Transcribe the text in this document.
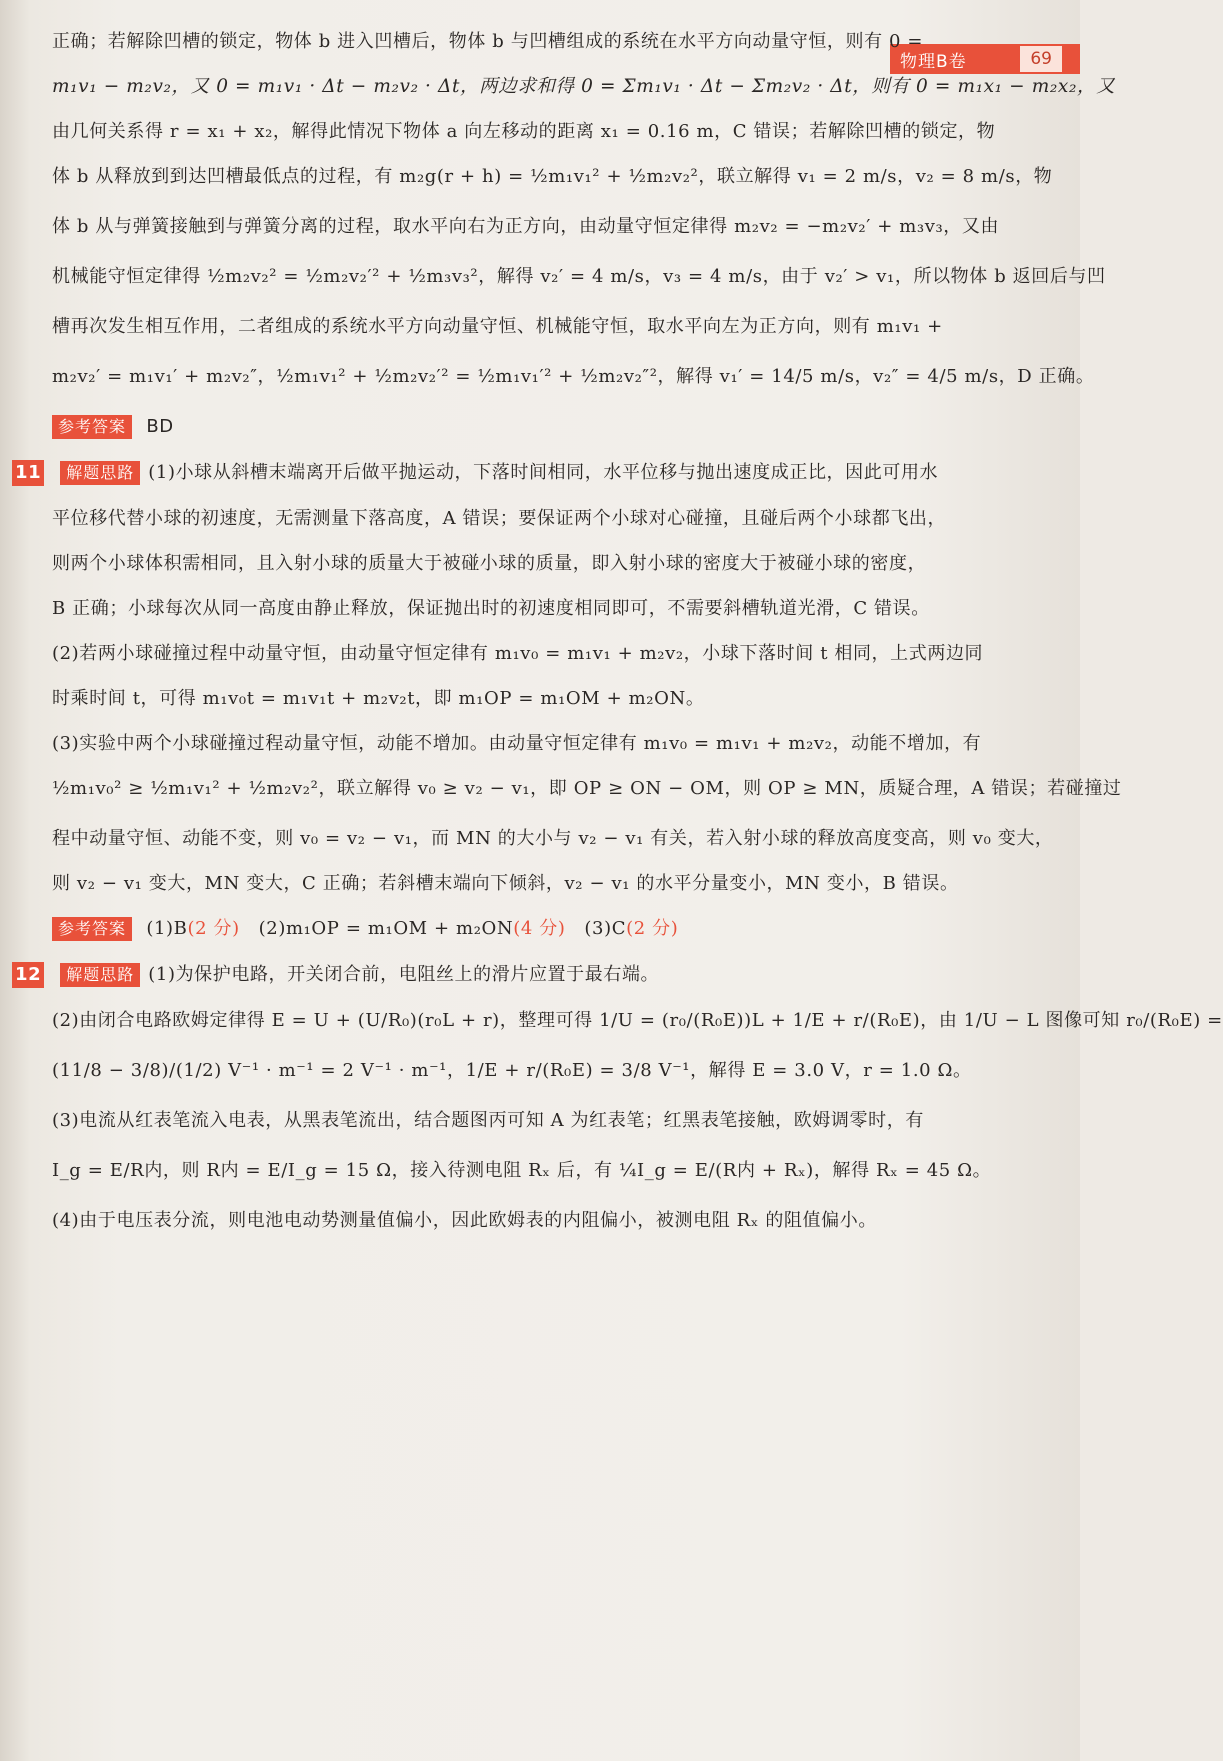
物理B卷	69
正确；若解除凹槽的锁定，物体 b 进入凹槽后，物体 b 与凹槽组成的系统在水平方向动量守恒，则有 0 =
m₁v₁ − m₂v₂，又 0 = m₁v₁ · Δt − m₂v₂ · Δt，两边求和得 0 = Σm₁v₁ · Δt − Σm₂v₂ · Δt，则有 0 = m₁x₁ − m₂x₂，又
由几何关系得 r = x₁ + x₂，解得此情况下物体 a 向左移动的距离 x₁ = 0.16 m，C 错误；若解除凹槽的锁定，物
体 b 从释放到到达凹槽最低点的过程，有 m₂g(r + h) = ½m₁v₁² + ½m₂v₂²，联立解得 v₁ = 2 m/s，v₂ = 8 m/s，物
体 b 从与弹簧接触到与弹簧分离的过程，取水平向右为正方向，由动量守恒定律得 m₂v₂ = −m₂v₂′ + m₃v₃，又由
机械能守恒定律得 ½m₂v₂² = ½m₂v₂′² + ½m₃v₃²，解得 v₂′ = 4 m/s，v₃ = 4 m/s，由于 v₂′ > v₁，所以物体 b 返回后与凹
槽再次发生相互作用，二者组成的系统水平方向动量守恒、机械能守恒，取水平向左为正方向，则有 m₁v₁ +
m₂v₂′ = m₁v₁′ + m₂v₂″，½m₁v₁² + ½m₂v₂′² = ½m₁v₁′² + ½m₂v₂″²，解得 v₁′ = 14/5 m/s，v₂″ = 4/5 m/s，D 正确。
参考答案 BD
11 解题思路 (1)小球从斜槽末端离开后做平抛运动，下落时间相同，水平位移与抛出速度成正比，因此可用水
平位移代替小球的初速度，无需测量下落高度，A 错误；要保证两个小球对心碰撞，且碰后两个小球都飞出，
则两个小球体积需相同，且入射小球的质量大于被碰小球的质量，即入射小球的密度大于被碰小球的密度，
B 正确；小球每次从同一高度由静止释放，保证抛出时的初速度相同即可，不需要斜槽轨道光滑，C 错误。
(2)若两小球碰撞过程中动量守恒，由动量守恒定律有 m₁v₀ = m₁v₁ + m₂v₂，小球下落时间 t 相同，上式两边同
时乘时间 t，可得 m₁v₀t = m₁v₁t + m₂v₂t，即 m₁OP = m₁OM + m₂ON。
(3)实验中两个小球碰撞过程动量守恒，动能不增加。由动量守恒定律有 m₁v₀ = m₁v₁ + m₂v₂，动能不增加，有
½m₁v₀² ≥ ½m₁v₁² + ½m₂v₂²，联立解得 v₀ ≥ v₂ − v₁，即 OP ≥ ON − OM，则 OP ≥ MN，质疑合理，A 错误；若碰撞过
程中动量守恒、动能不变，则 v₀ = v₂ − v₁，而 MN 的大小与 v₂ − v₁ 有关，若入射小球的释放高度变高，则 v₀ 变大，
则 v₂ − v₁ 变大，MN 变大，C 正确；若斜槽末端向下倾斜，v₂ − v₁ 的水平分量变小，MN 变小，B 错误。
参考答案 (1)B(2 分) (2)m₁OP = m₁OM + m₂ON(4 分) (3)C(2 分)
12 解题思路 (1)为保护电路，开关闭合前，电阻丝上的滑片应置于最右端。
(2)由闭合电路欧姆定律得 E = U + (U/R₀)(r₀L + r)，整理可得 1/U = (r₀/(R₀E))L + 1/E + r/(R₀E)，由 1/U − L 图像可知 r₀/(R₀E) =
(11/8 − 3/8)/(1/2) V⁻¹ · m⁻¹ = 2 V⁻¹ · m⁻¹，1/E + r/(R₀E) = 3/8 V⁻¹，解得 E = 3.0 V，r = 1.0 Ω。
(3)电流从红表笔流入电表，从黑表笔流出，结合题图丙可知 A 为红表笔；红黑表笔接触，欧姆调零时，有
I_g = E/R内，则 R内 = E/I_g = 15 Ω，接入待测电阻 Rₓ 后，有 ¼I_g = E/(R内 + Rₓ)，解得 Rₓ = 45 Ω。
(4)由于电压表分流，则电池电动势测量值偏小，因此欧姆表的内阻偏小，被测电阻 Rₓ 的阻值偏小。
